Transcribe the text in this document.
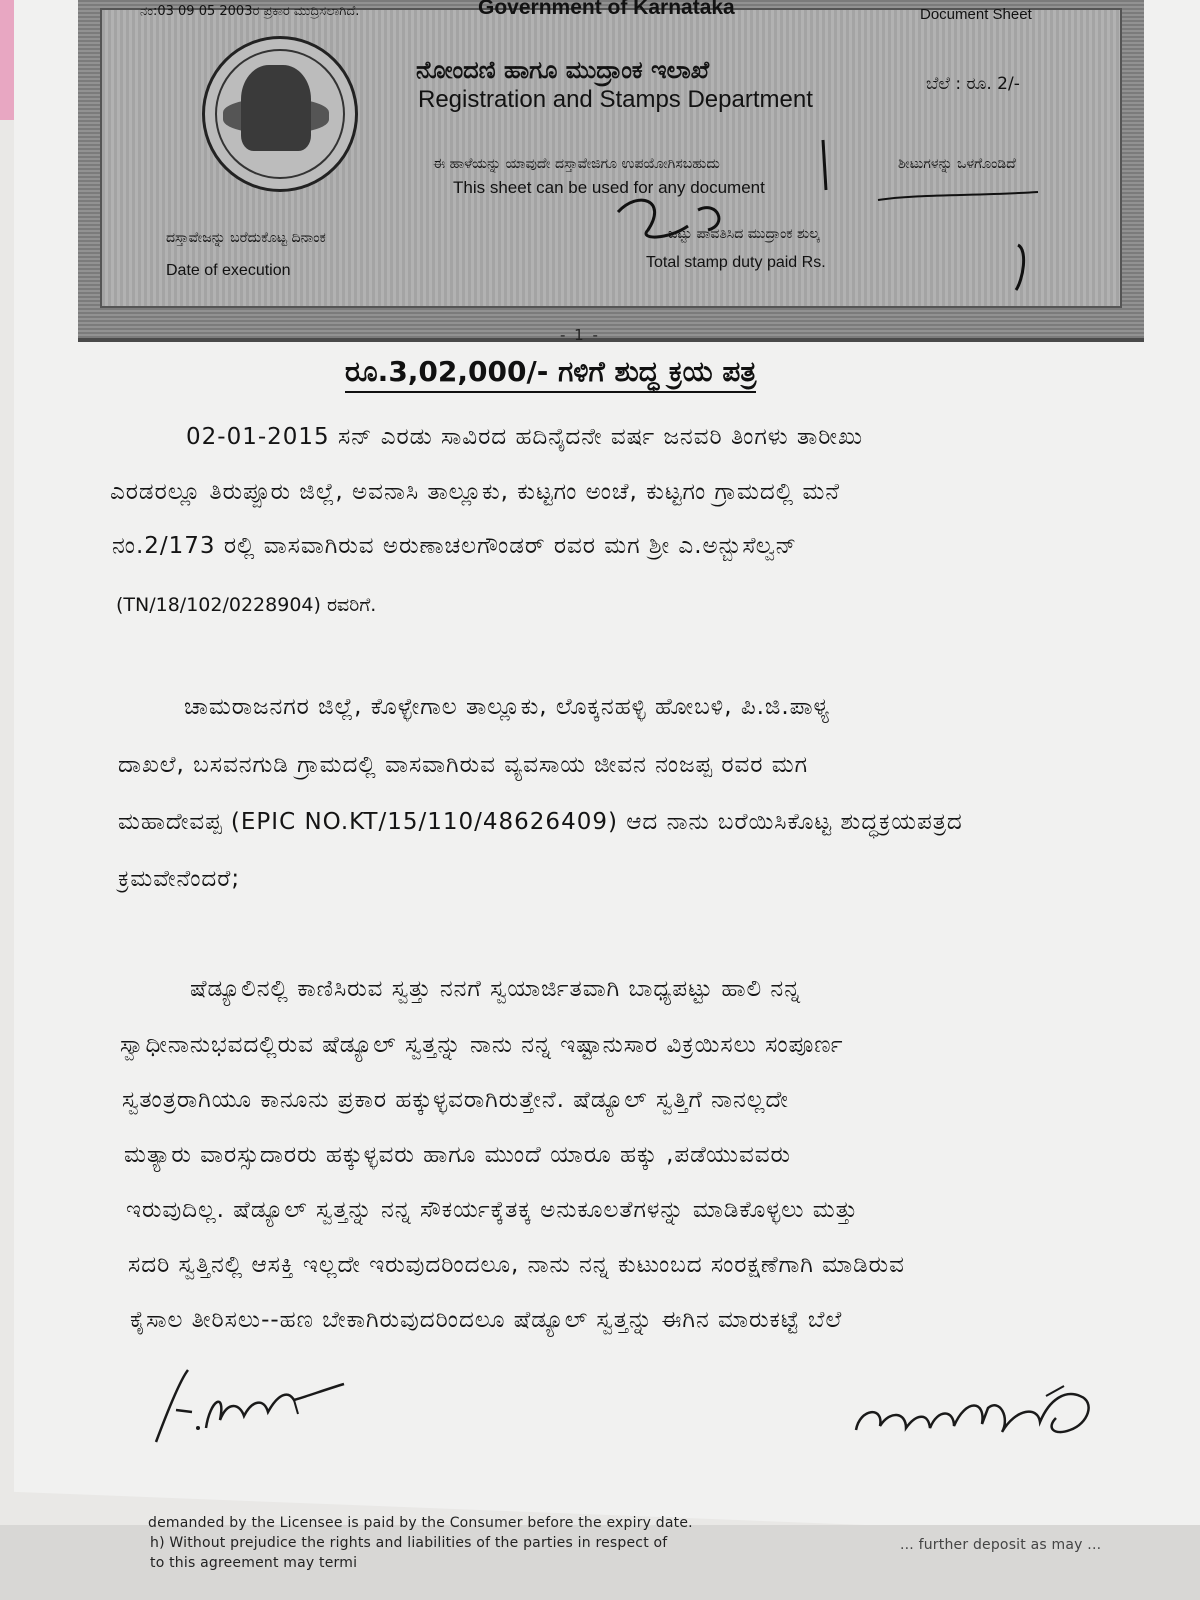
demanded by the Licensee is paid by the Consumer before the expiry date.
h) Without prejudice the rights and liabilities of the parties in respect of
to this agreement may termi
... further deposit as may ...
ನಂ:03 09 05 2003ರ ಪ್ರಕಾರ ಮುದ್ರಿಸಲಾಗಿದೆ.	Government of Karnataka	Document Sheet
ನೋಂದಣಿ ಹಾಗೂ ಮುದ್ರಾಂಕ ಇಲಾಖೆ
Registration and Stamps Department
ಬೆಲೆ : ರೂ. 2/-
ಈ ಹಾಳೆಯನ್ನು ಯಾವುದೇ ದಸ್ತಾವೇಜಿಗೂ ಉಪಯೋಗಿಸಬಹುದು	ಶೀಟುಗಳನ್ನು ಒಳಗೊಂಡಿದೆ
This sheet can be used for any document
ದಸ್ತಾವೇಜನ್ನು ಬರೆದುಕೊಟ್ಟ ದಿನಾಂಕ
Date of execution
ಒಟ್ಟು ಪಾವತಿಸಿದ ಮುದ್ರಾಂಕ ಶುಲ್ಕ
Total stamp duty paid Rs.
- 1 -
ರೂ.3,02,000/- ಗಳಿಗೆ ಶುದ್ಧ ಕ್ರಯ ಪತ್ರ
02-01-2015 ಸನ್ ಎರಡು ಸಾವಿರದ ಹದಿನೈದನೇ ವರ್ಷ ಜನವರಿ ತಿಂಗಳು ತಾರೀಖು
ಎರಡರಲ್ಲೂ ತಿರುಪ್ಪೂರು ಜಿಲ್ಲೆ, ಅವನಾಸಿ ತಾಲ್ಲೂಕು, ಕುಟ್ಟಗಂ ಅಂಚೆ, ಕುಟ್ಟಗಂ ಗ್ರಾಮದಲ್ಲಿ ಮನೆ
ನಂ.2/173 ರಲ್ಲಿ ವಾಸವಾಗಿರುವ ಅರುಣಾಚಲಗೌಂಡರ್ ರವರ ಮಗ ಶ್ರೀ ಎ.ಅನ್ಬುಸೆಲ್ವನ್
(TN/18/102/0228904) ರವರಿಗೆ.
ಚಾಮರಾಜನಗರ ಜಿಲ್ಲೆ, ಕೊಳ್ಳೇಗಾಲ ತಾಲ್ಲೂಕು, ಲೊಕ್ಕನಹಳ್ಳಿ ಹೋಬಳಿ, ಪಿ.ಜಿ.ಪಾಳ್ಯ
ದಾಖಲೆ, ಬಸವನಗುಡಿ ಗ್ರಾಮದಲ್ಲಿ ವಾಸವಾಗಿರುವ ವ್ಯವಸಾಯ ಜೀವನ ನಂಜಪ್ಪ ರವರ ಮಗ
ಮಹಾದೇವಪ್ಪ (EPIC NO.KT/15/110/48626409) ಆದ ನಾನು ಬರೆಯಿಸಿಕೊಟ್ಟ ಶುದ್ಧಕ್ರಯಪತ್ರದ
ಕ್ರಮವೇನೆಂದರೆ;
ಷೆಡ್ಯೂಲಿನಲ್ಲಿ ಕಾಣಿಸಿರುವ ಸ್ವತ್ತು ನನಗೆ ಸ್ವಯಾರ್ಜಿತವಾಗಿ ಬಾಧ್ಯಪಟ್ಟು ಹಾಲಿ ನನ್ನ
ಸ್ವಾಧೀನಾನುಭವದಲ್ಲಿರುವ ಷೆಡ್ಯೂಲ್ ಸ್ವತ್ತನ್ನು ನಾನು ನನ್ನ ಇಷ್ಟಾನುಸಾರ ವಿಕ್ರಯಿಸಲು ಸಂಪೂರ್ಣ
ಸ್ವತಂತ್ರರಾಗಿಯೂ ಕಾನೂನು ಪ್ರಕಾರ ಹಕ್ಕುಳ್ಳವರಾಗಿರುತ್ತೇನೆ. ಷೆಡ್ಯೂಲ್ ಸ್ವತ್ತಿಗೆ ನಾನಲ್ಲದೇ
ಮತ್ಯಾರು ವಾರಸ್ಸುದಾರರು ಹಕ್ಕುಳ್ಳವರು ಹಾಗೂ ಮುಂದೆ ಯಾರೂ ಹಕ್ಕು ,ಪಡೆಯುವವರು
ಇರುವುದಿಲ್ಲ. ಷೆಡ್ಯೂಲ್ ಸ್ವತ್ತನ್ನು ನನ್ನ ಸೌಕರ್ಯಕ್ಕೆತಕ್ಕ ಅನುಕೂಲತೆಗಳನ್ನು ಮಾಡಿಕೊಳ್ಳಲು ಮತ್ತು
ಸದರಿ ಸ್ವತ್ತಿನಲ್ಲಿ ಆಸಕ್ತಿ ಇಲ್ಲದೇ ಇರುವುದರಿಂದಲೂ, ನಾನು ನನ್ನ ಕುಟುಂಬದ ಸಂರಕ್ಷಣೆಗಾಗಿ ಮಾಡಿರುವ
ಕೈಸಾಲ ತೀರಿಸಲು--ಹಣ ಬೇಕಾಗಿರುವುದರಿಂದಲೂ ಷೆಡ್ಯೂಲ್ ಸ್ವತ್ತನ್ನು ಈಗಿನ ಮಾರುಕಟ್ಟೆ ಬೆಲೆ
